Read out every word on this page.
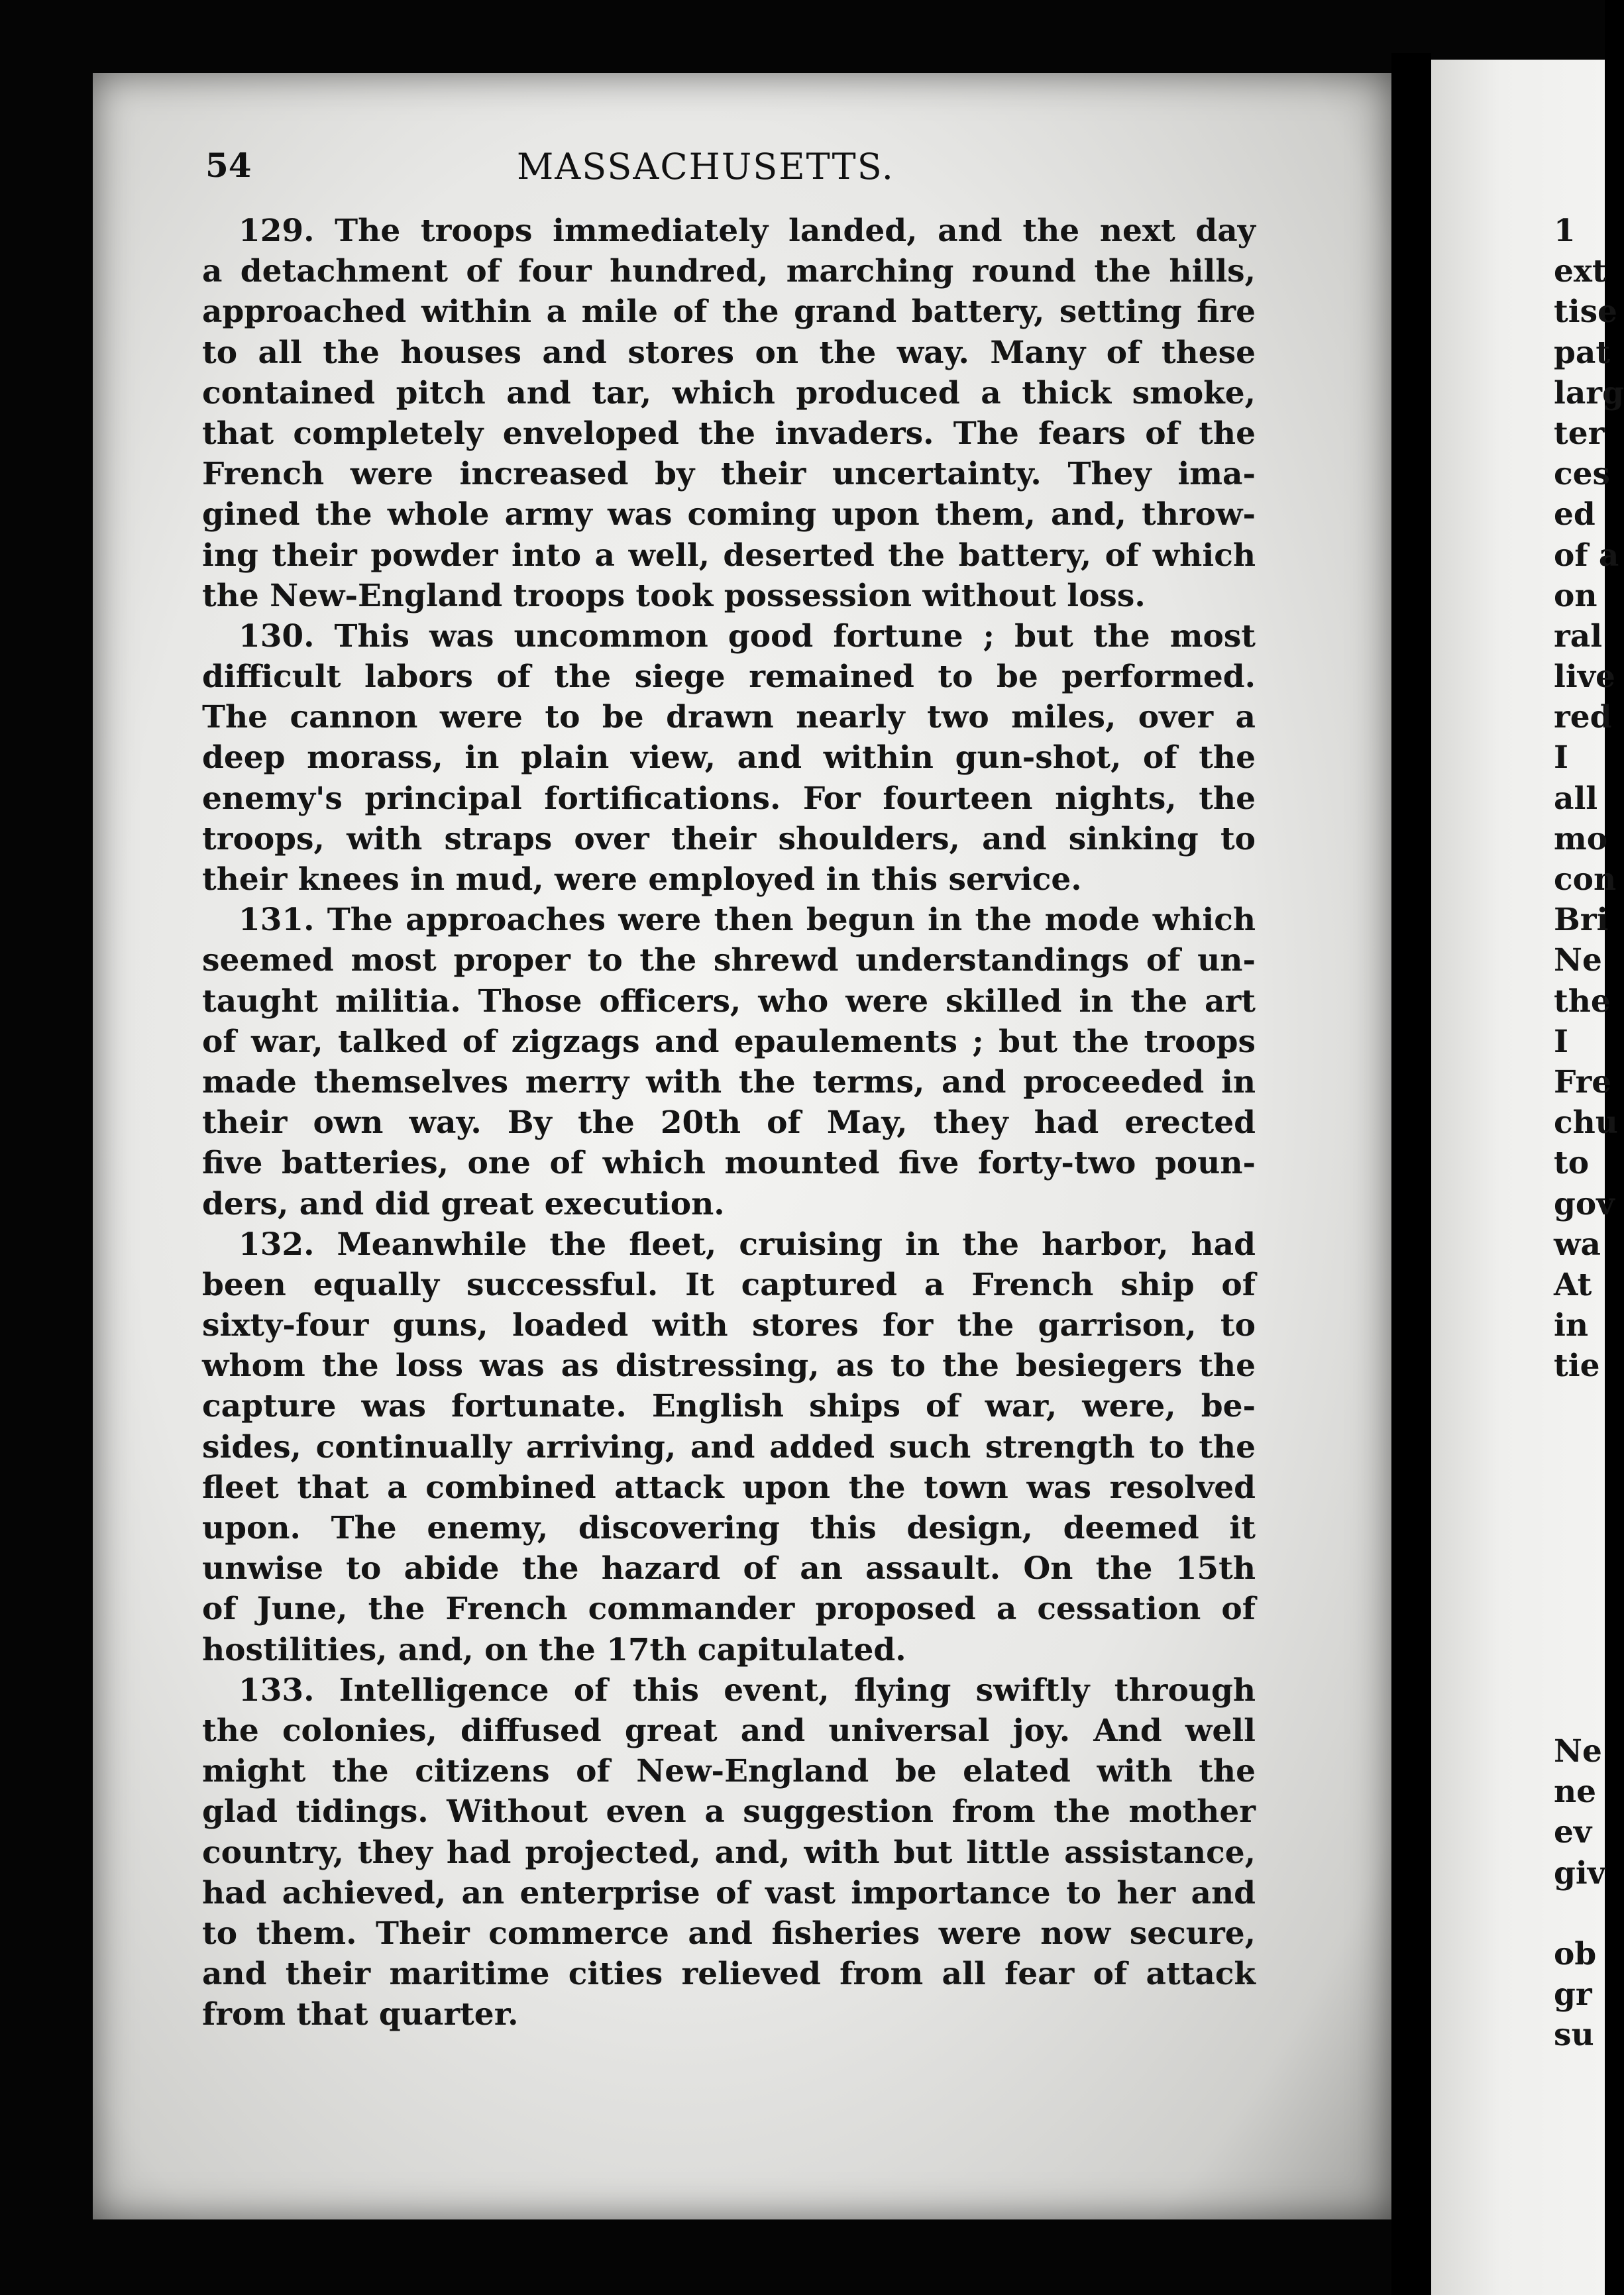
54	MASSACHUSETTS.
129. The troops immediately landed, and the next day
a detachment of four hundred, marching round the hills,
approached within a mile of the grand battery, setting fire
to all the houses and stores on the way. Many of these
contained pitch and tar, which produced a thick smoke,
that completely enveloped the invaders. The fears of the
French were increased by their uncertainty. They ima-
gined the whole army was coming upon them, and, throw-
ing their powder into a well, deserted the battery, of which
the New-England troops took possession without loss.
130. This was uncommon good fortune ; but the most
difficult labors of the siege remained to be performed.
The cannon were to be drawn nearly two miles, over a
deep morass, in plain view, and within gun-shot, of the
enemy's principal fortifications. For fourteen nights, the
troops, with straps over their shoulders, and sinking to
their knees in mud, were employed in this service.
131. The approaches were then begun in the mode which
seemed most proper to the shrewd understandings of un-
taught militia. Those officers, who were skilled in the art
of war, talked of zigzags and epaulements ; but the troops
made themselves merry with the terms, and proceeded in
their own way. By the 20th of May, they had erected
five batteries, one of which mounted five forty-two poun-
ders, and did great execution.
132. Meanwhile the fleet, cruising in the harbor, had
been equally successful. It captured a French ship of
sixty-four guns, loaded with stores for the garrison, to
whom the loss was as distressing, as to the besiegers the
capture was fortunate. English ships of war, were, be-
sides, continually arriving, and added such strength to the
fleet that a combined attack upon the town was resolved
upon. The enemy, discovering this design, deemed it
unwise to abide the hazard of an assault. On the 15th
of June, the French commander proposed a cessation of
hostilities, and, on the 17th capitulated.
133. Intelligence of this event, flying swiftly through
the colonies, diffused great and universal joy. And well
might the citizens of New-England be elated with the
glad tidings. Without even a suggestion from the mother
country, they had projected, and, with but little assistance,
had achieved, an enterprise of vast importance to her and
to them. Their commerce and fisheries were now secure,
and their maritime cities relieved from all fear of attack
from that quarter.
1
ext
tise
pat
larg
ter
ces
ed
of a
on
ral
live
red
I
all
mo
con
Bri
Ne
the
I
Fre
chu
to
gov
wa
At
in
tie
Ne
ne
ev
giv
ob
gr
su
